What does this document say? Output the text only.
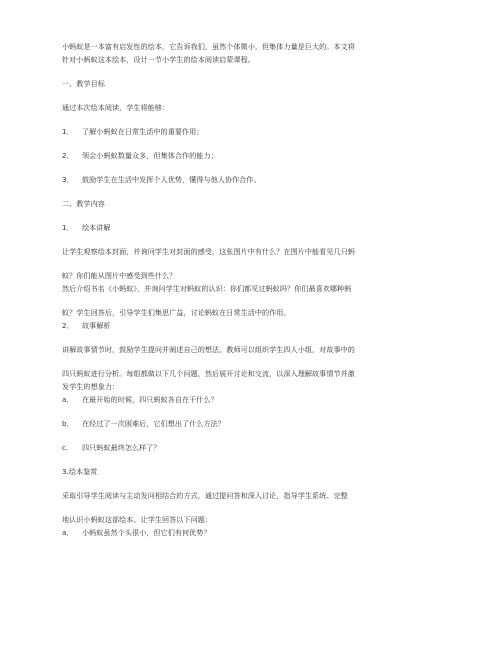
小蚂蚁是一本富有启发性的绘本，它告诉我们，虽然个体微小，但集体力量是巨大的。本文将
针对小蚂蚁这本绘本，设计一节小学生的绘本阅读启蒙课程。
一、教学目标
通过本次绘本阅读，学生将能够：
1． 了解小蚂蚁在日常生活中的重要作用；
2． 领会小蚂蚁数量众多，但集体合作的能力；
3． 鼓励学生在生活中发挥个人优势，懂得与他人协作合作。
二、教学内容
1． 绘本讲解
让学生观察绘本封面，并询问学生对封面的感受，这张图片中有什么？在图片中能看见几只蚂
蚁？你们能从图片中感受到些什么？
然后介绍书名《小蚂蚁》，并询问学生对蚂蚁的认识：你们都见过蚂蚁吗？你们最喜欢哪种蚂
蚁？学生回答后，引导学生们集思广益，讨论蚂蚁在日常生活中的作用。
2． 故事解析
讲解故事情节时，鼓励学生提问并阐述自己的想法。教师可以组织学生四人小组，对故事中的
四只蚂蚁进行分析。每组都做以下几个问题，然后展开讨论和交流，以深入理解故事情节并激
发学生的想象力：
a． 在最开始的时候，四只蚂蚁各自在干什么？
b． 在经过了一次困难后，它们想出了什么方法？
c． 四只蚂蚁最终怎么样了？
3.绘本鉴赏
采取引导学生阅读与主动发问相结合的方式，通过提问答和深入讨论，指导学生系统、完整
地认识小蚂蚁这部绘本。让学生回答以下问题：
a． 小蚂蚁虽然个头很小，但它们有何优势？
